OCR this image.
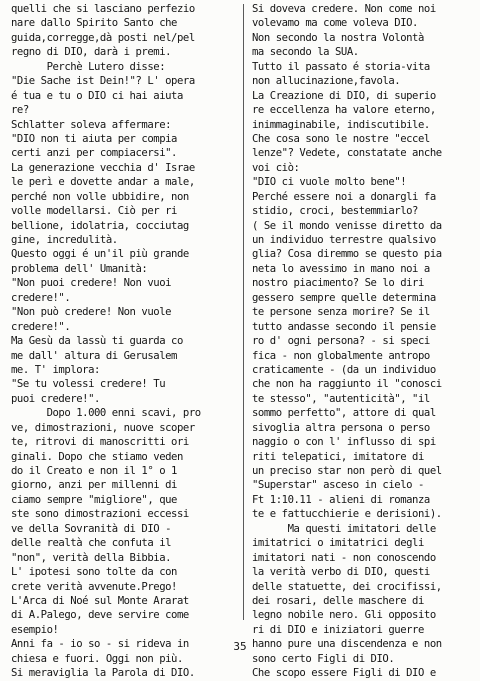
quelli che si lasciano perfezio
nare dallo Spirito Santo che
guida,corregge,dà posti nel/pel
regno di DIO, darà i premi.
Perchè Lutero disse:
"Die Sache ist Dein!"? L' opera
é tua e tu o DIO ci hai aiuta
re?
Schlatter soleva affermare:
"DIO non ti aiuta per compia
certi anzi per compiacersi".
La generazione vecchia d' Israe
le perì e dovette andar a male,
perché non volle ubbidire, non
volle modellarsi. Ciò per ri
bellione, idolatria, cocciutag
gine, incredulità.
Questo oggi é un'il più grande
problema dell' Umanità:
"Non puoi credere! Non vuoi
credere!".
"Non può credere! Non vuole
credere!".
Ma Gesù da lassù ti guarda co
me dall' altura di Gerusalem
me. T' implora:
"Se tu volessi credere! Tu
puoi credere!".
Dopo 1.000 enni scavi, pro
ve, dimostrazioni, nuove scoper
te, ritrovi di manoscritti ori
ginali. Dopo che stiamo veden
do il Creato e non il 1° o 1
giorno, anzi per millenni di
ciamo sempre "migliore", que
ste sono dimostrazioni eccessi
ve della Sovranità di DIO -
delle realtà che confuta il
"non", verità della Bibbia.
L' ipotesi sono tolte da con
crete verità avvenute.Prego!
L'Arca di Noé sul Monte Ararat
di A.Palego, deve servire come
esempio!
Anni fa - io so - si rideva in
chiesa e fuori. Oggi non più.
Si meraviglia la Parola di DIO.
Si doveva credere. Non come noi
volevamo ma come voleva DIO.
Non secondo la nostra Volontà
ma secondo la SUA.
Tutto il passato é storia-vita
non allucinazione,favola.
La Creazione di DIO, di superio
re eccellenza ha valore eterno,
inimmaginabile, indiscutibile.
Che cosa sono le nostre "eccel
lenze"? Vedete, constatate anche
voi ciò:
"DIO ci vuole molto bene"!
Perché essere noi a donargli fa
stidio, croci, bestemmiarlo?
( Se il mondo venisse diretto da
un individuo terrestre qualsivo
glia? Cosa diremmo se questo pia
neta lo avessimo in mano noi a
nostro piacimento? Se lo diri
gessero sempre quelle determina
te persone senza morire? Se il
tutto andasse secondo il pensie
ro d' ogni persona? - si speci
fica - non globalmente antropo
craticamente - (da un individuo
che non ha raggiunto il "conosci
te stesso", "autenticità", "il
sommo perfetto", attore di qual
sivoglia altra persona o perso
naggio o con l' influsso di spi
riti telepatici, imitatore di
un preciso star non però di quel
"Superstar" asceso in cielo -
Ft 1:10.11 - alieni di romanza
te e fattucchierie e derisioni).
Ma questi imitatori delle
imitatrici o imitatrici degli
imitatori nati - non conoscendo
la verità verbo di DIO, questi
delle statuette, dei crocifissi,
dei rosari, delle maschere di
legno nobile nero. Gli opposito
ri di DIO e iniziatori guerre
hanno pure una discendenza e non
sono certo Figli di DIO.
Che scopo essere Figli di DIO e
35
